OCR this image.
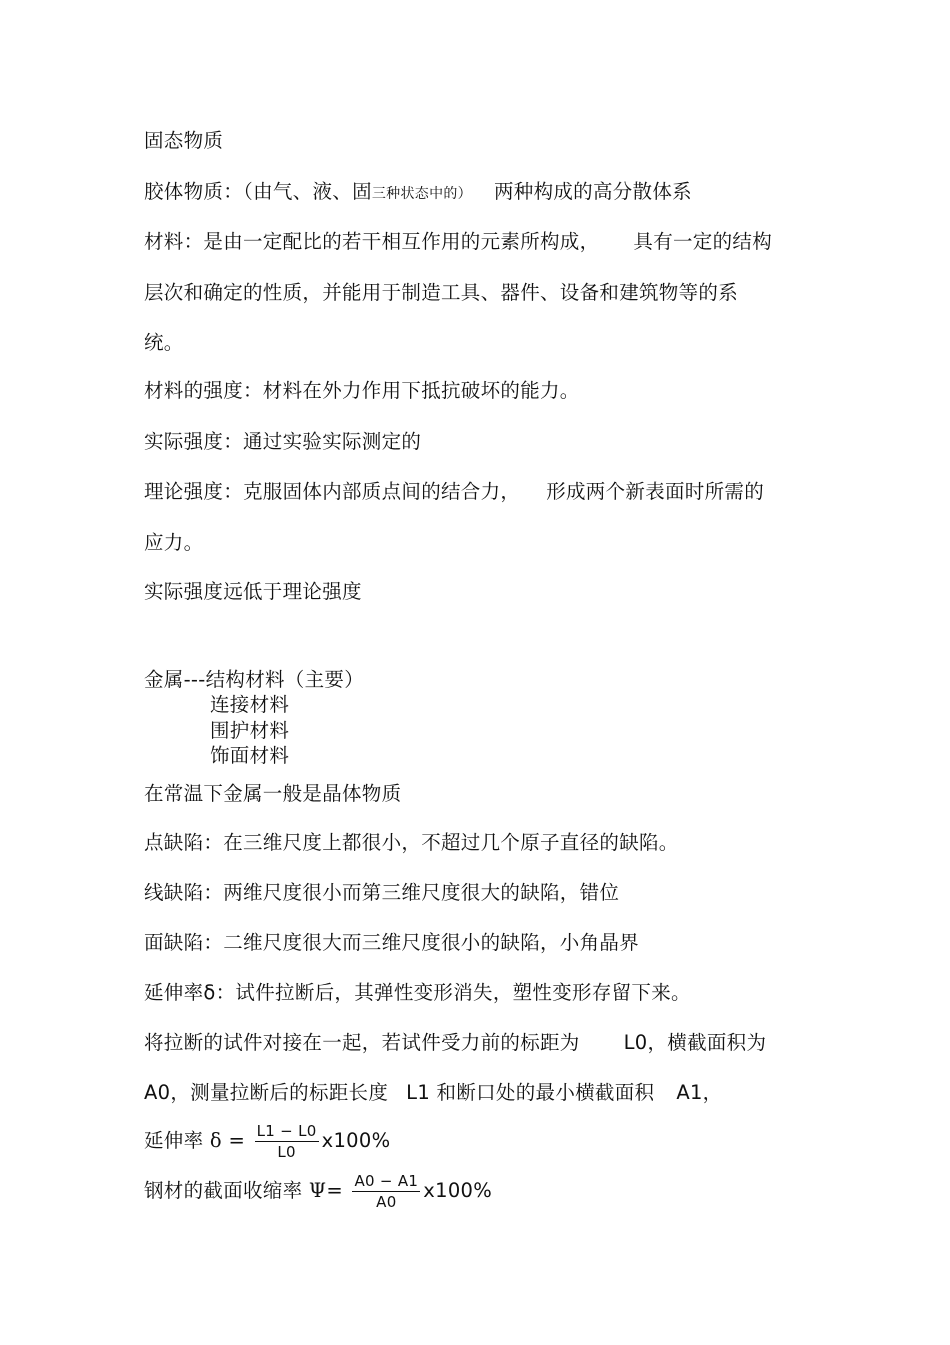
固态物质
胶体物质：（由气、液、固三种状态中的） 两种构成的高分散体系
材料：是由一定配比的若干相互作用的元素所构成， 具有一定的结构
层次和确定的性质，并能用于制造工具、器件、设备和建筑物等的系
统。
材料的强度：材料在外力作用下抵抗破坏的能力。
实际强度：通过实验实际测定的
理论强度：克服固体内部质点间的结合力， 形成两个新表面时所需的
应力。
实际强度远低于理论强度
金属---结构材料（主要）
连接材料
围护材料
饰面材料
在常温下金属一般是晶体物质
点缺陷：在三维尺度上都很小，不超过几个原子直径的缺陷。
线缺陷：两维尺度很小而第三维尺度很大的缺陷，错位
面缺陷：二维尺度很大而三维尺度很小的缺陷，小角晶界
延伸率δ：试件拉断后，其弹性变形消失，塑性变形存留下来。
将拉断的试件对接在一起，若试件受力前的标距为 L0，横截面积为
A0，测量拉断后的标距长度 L1 和断口处的最小横截面积 A1，
延伸率 $\delta = \frac{L1 - L0}{L0} x100\%$
钢材的截面收缩率 $\Psi= \frac{A0 - A1}{A0} x100\%$
